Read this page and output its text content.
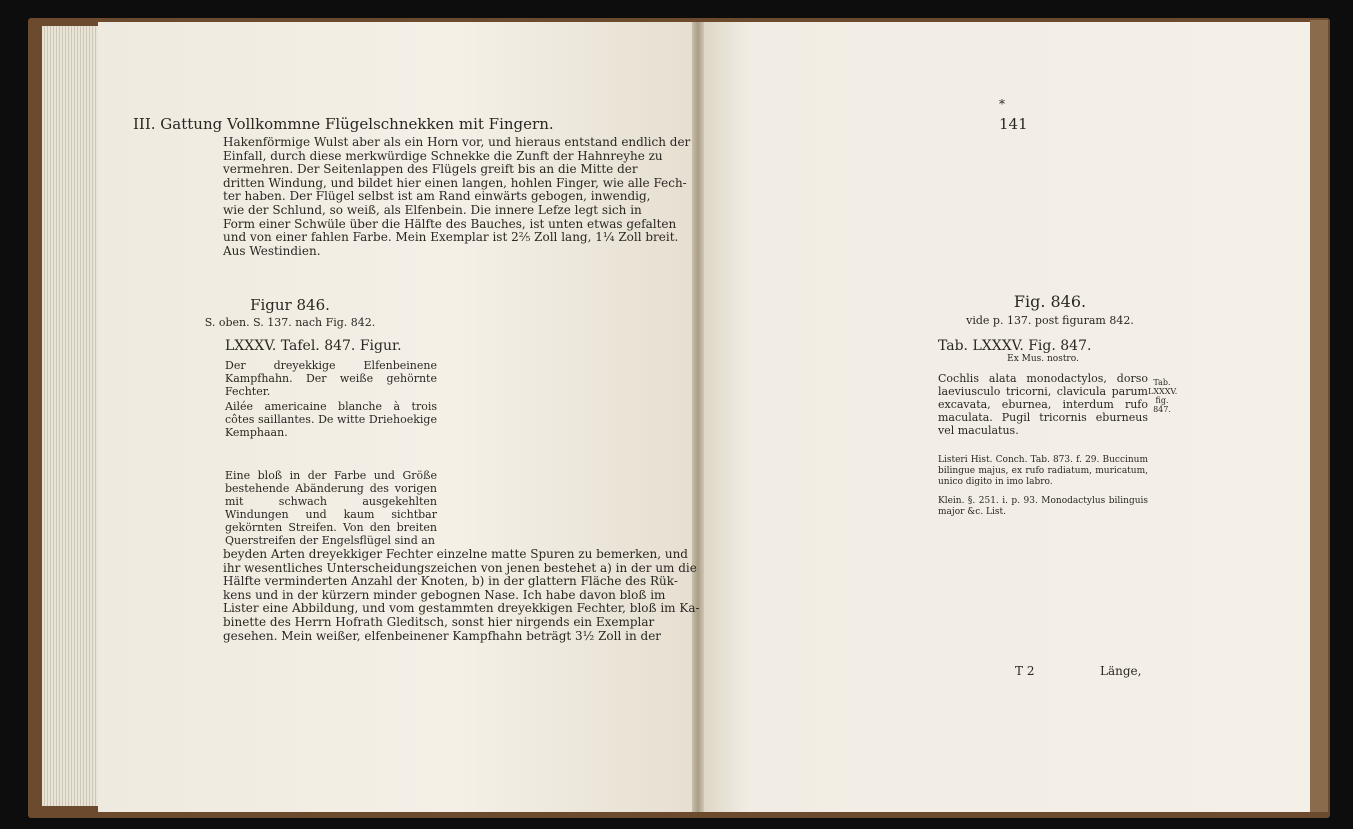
III. Gattung Vollkommne Flügelschnekken mit Fingern.
*
141

Hakenförmige Wulst aber als ein Horn vor, und hieraus entstand endlich der

Einfall, durch diese merkwürdige Schnekke die Zunft der Hahnreyhe zu

vermehren. Der Seitenlappen des Flügels greift bis an die Mitte der

dritten Windung, und bildet hier einen langen, hohlen Finger, wie alle Fech-

ter haben. Der Flügel selbst ist am Rand einwärts gebogen, inwendig,

wie der Schlund, so weiß, als Elfenbein. Die innere Lefze legt sich in

Form einer Schwüle über die Hälfte des Bauches, ist unten etwas gefalten

und von einer fahlen Farbe. Mein Exemplar ist 2⅖ Zoll lang, 1¼ Zoll breit.

Aus Westindien.

Figur 846.
S. oben. S. 137. nach Fig. 842.
Fig. 846.
vide p. 137. post figuram 842.
LXXXV. Tafel. 847. Figur.

Der dreyekkige Elfenbeinene Kampfhahn. Der weiße gehörnte Fechter.

Ailée americaine blanche à trois côtes saillantes. De witte Driehoekige Kemphaan.

Eine bloß in der Farbe und Größe bestehende Abänderung des vorigen mit schwach ausgekehlten Windungen und kaum sichtbar gekörnten Streifen. Von den breiten Querstreifen der Engelsflügel sind an

Tab. LXXXV. Fig. 847.
Ex Mus. nostro.

Cochlis alata monodactylos, dorso laeviusculo tricorni, clavicula parum excavata, eburnea, interdum rufo maculata. Pugil tricornis eburneus vel maculatus.

Listeri Hist. Conch. Tab. 873. f. 29. Buccinum bilingue majus, ex rufo radiatum, muricatum, unico digito in imo labro.

Klein. §. 251. i. p. 93. Monodactylus bilinguis major &c. List.

Tab. LXXXV. fig. 847.

beyden Arten dreyekkiger Fechter einzelne matte Spuren zu bemerken, und

ihr wesentliches Unterscheidungszeichen von jenen bestehet a) in der um die

Hälfte verminderten Anzahl der Knoten, b) in der glattern Fläche des Rük-

kens und in der kürzern minder gebognen Nase. Ich habe davon bloß im

Lister eine Abbildung, und vom gestammten dreyekkigen Fechter, bloß im Ka-

binette des Herrn Hofrath Gleditsch, sonst hier nirgends ein Exemplar

gesehen. Mein weißer, elfenbeinener Kampfhahn beträgt 3½ Zoll in der

T 2	Länge,
